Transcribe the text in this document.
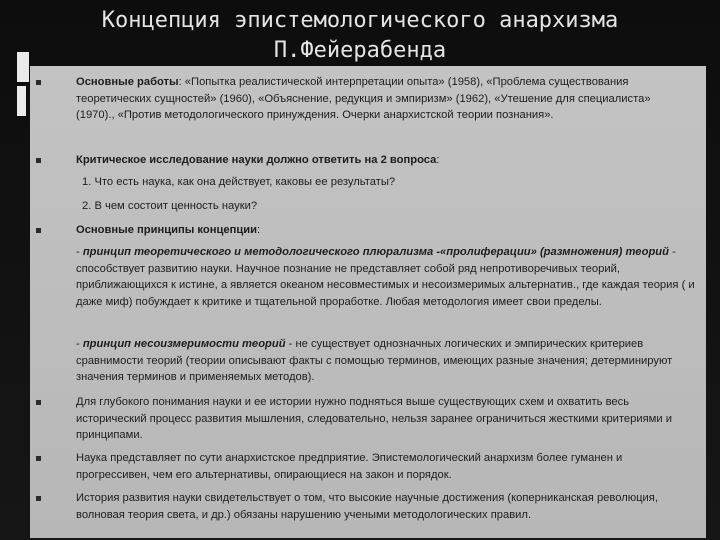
Концепция эпистемологического анархизма
П.Фейерабенда
Основные работы: «Попытка реалистической интерпретации опыта» (1958), «Проблема существования теоретических сущностей» (1960), «Объяснение, редукция и эмпиризм» (1962), «Утешение для специалиста» (1970)., «Против методологического принуждения. Очерки анархистской теории познания».
Критическое исследование науки должно ответить на 2 вопроса:
1. Что есть наука, как она действует, каковы ее результаты?
2. В чем состоит ценность науки?
Основные принципы концепции:
- принцип теоретического и методологического плюрализма -«пролиферации» (размножения) теорий - способствует развитию науки. Научное познание не представляет собой ряд непротиворечивых теорий, приближающихся к истине, а является океаном несовместимых и несоизмеримых альтернатив., где каждая теория ( и даже миф) побуждает к критике и тщательной проработке. Любая методология имеет свои пределы.
- принцип несоизмеримости теорий - не существует однозначных логических и эмпирических критериев сравнимости теорий (теории описывают факты с помощью терминов, имеющих разные значения; детерминируют значения терминов и применяемых методов).
Для глубокого понимания науки и ее истории нужно подняться выше существующих схем и охватить весь исторический процесс развития мышления, следовательно, нельзя заранее ограничиться жесткими критериями и принципами.
Наука представляет по сути анархистское предприятие. Эпистемологический анархизм более гуманен и прогрессивен, чем его альтернативы, опирающиеся на закон и порядок.
История развития науки свидетельствует о том, что высокие научные достижения (коперниканская революция, волновая теория света, и др.) обязаны нарушению учеными методологических правил.
